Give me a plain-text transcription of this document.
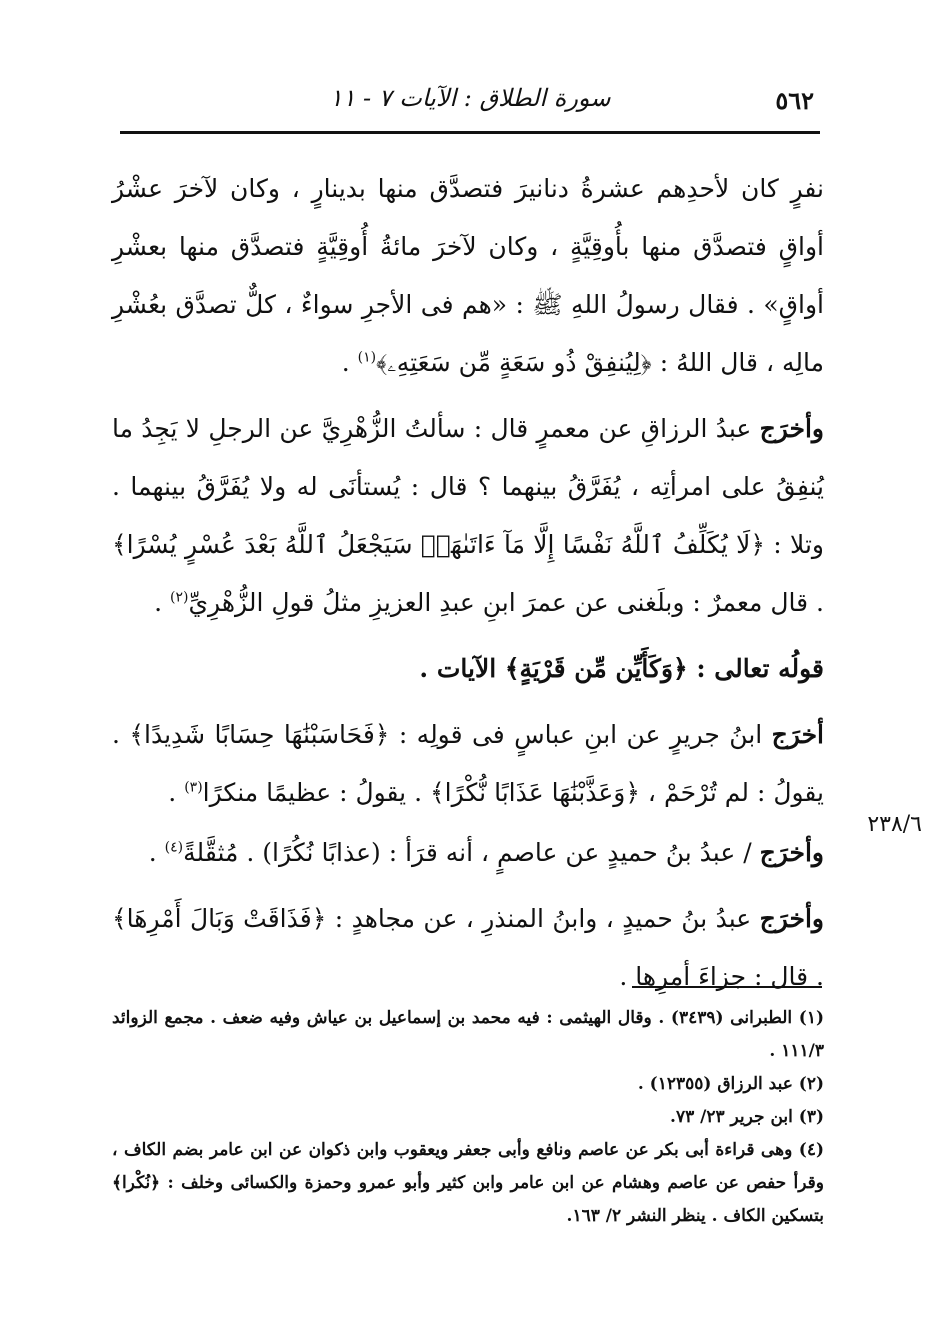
٥٦٢
سورة الطلاق : الآيات ٧ - ١١

نفرٍ كان لأحدِهم عشرةُ دنانيرَ فتصدَّق منها بدينارٍ ، وكان لآخرَ عشْرُ أواقٍ فتصدَّق منها بأُوقِيَّةٍ ، وكان لآخرَ مائةُ أُوقِيَّةٍ فتصدَّق منها بعشْرِ أواقٍ» . فقال رسولُ اللهِ ﷺ : «هم فى الأجرِ سواءٌ ، كلٌّ تصدَّق بعُشْرِ مالِه ، قال اللهُ : ﴿لِيُنفِقْ ذُو سَعَةٍ مِّن سَعَتِهِۦ﴾$^{(١)}$ .

وأخرَج عبدُ الرزاقِ عن معمرٍ قال : سألتُ الزُّهْرِيَّ عن الرجلِ لا يَجِدُ ما يُنفِقُ على امرأتِه ، يُفَرَّقُ بينهما ؟ قال : يُستأنَى له ولا يُفَرَّقُ بينهما . وتلا : ﴿لَا يُكَلِّفُ ٱللَّهُ نَفْسًا إِلَّا مَآ ءَاتَىٰهَاۚ سَيَجْعَلُ ٱللَّهُ بَعْدَ عُسْرٍ يُسْرًا﴾ . قال معمرٌ : وبلَغنى عن عمرَ ابنِ عبدِ العزيزِ مثلُ قولِ الزُّهْرِيِّ$^{(٢)}$ .

قولُه تعالى : ﴿وَكَأَيِّن مِّن قَرْيَةٍ﴾ الآيات .

أخرَج ابنُ جريرٍ عن ابنِ عباسٍ فى قولِه : ﴿فَحَاسَبْنَٰهَا حِسَابًا شَدِيدًا﴾ . يقولُ : لم تُرْحَمْ ، ﴿وَعَذَّبْنَٰهَا عَذَابًا نُّكْرًا﴾ . يقولُ : عظيمًا منكرًا$^{(٣)}$ .

وأخرَج / عبدُ بنُ حميدٍ عن عاصمٍ ، أنه قرَأ : (عذابًا نُكُرًا) . مُثقَّلةً$^{(٤)}$ .

وأخرَج عبدُ بنُ حميدٍ ، وابنُ المنذرِ ، عن مجاهدٍ : ﴿فَذَاقَتْ وَبَالَ أَمْرِهَا﴾ . قال : جزاءَ أمرِها .

٢٣٨/٦

(١) الطبرانى (٣٤٣٩) . وقال الهيثمى : فيه محمد بن إسماعيل بن عياش وفيه ضعف . مجمع الزوائد ١١١/٣ .

(٢) عبد الرزاق (١٢٣٥٥) .

(٣) ابن جرير ٢٣/ ٧٣.

(٤) وهى قراءة أبى بكر عن عاصم ونافع وأبى جعفر ويعقوب وابن ذكوان عن ابن عامر بضم الكاف ، وقرأ حفص عن عاصم وهشام عن ابن عامر وابن كثير وأبو عمرو وحمزة والكسائى وخلف : ﴿نُكْرا﴾ بتسكين الكاف . ينظر النشر ٢/ ١٦٣.
